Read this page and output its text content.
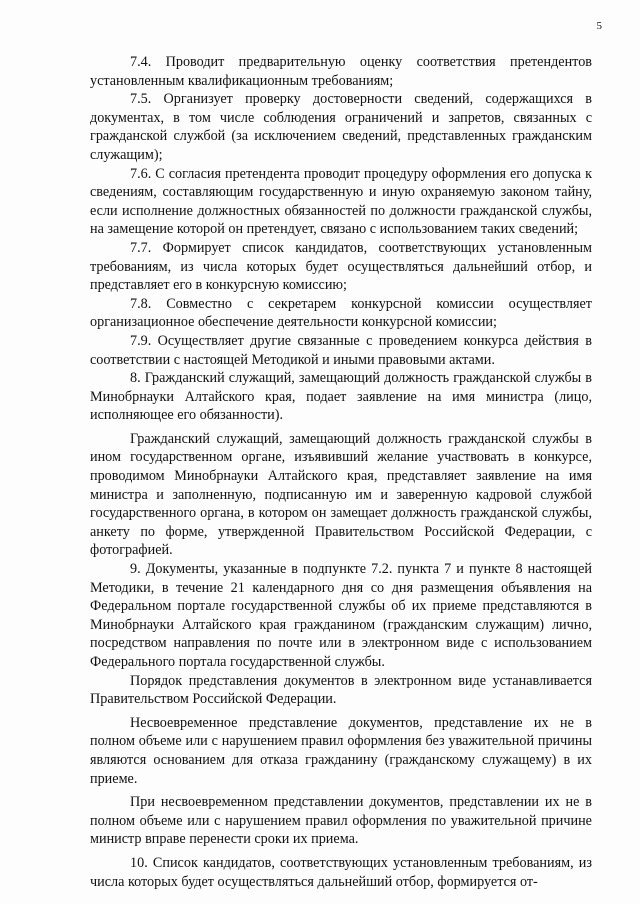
5

7.4. Проводит предварительную оценку соответствия претендентов установленным квалификационным требованиям;

7.5. Организует проверку достоверности сведений, содержащихся в документах, в том числе соблюдения ограничений и запретов, связанных с гражданской службой (за исключением сведений, представленных гражданским служащим);

7.6. С согласия претендента проводит процедуру оформления его допуска к сведениям, составляющим государственную и иную охраняемую законом тайну, если исполнение должностных обязанностей по должности гражданской службы, на замещение которой он претендует, связано с использованием таких сведений;

7.7. Формирует список кандидатов, соответствующих установленным требованиям, из числа которых будет осуществляться дальнейший отбор, и представляет его в конкурсную комиссию;

7.8. Совместно с секретарем конкурсной комиссии осуществляет организационное обеспечение деятельности конкурсной комиссии;

7.9. Осуществляет другие связанные с проведением конкурса действия в соответствии с настоящей Методикой и иными правовыми актами.

8. Гражданский служащий, замещающий должность гражданской службы в Минобрнауки Алтайского края, подает заявление на имя министра (лицо, исполняющее его обязанности).

Гражданский служащий, замещающий должность гражданской службы в ином государственном органе, изъявивший желание участвовать в конкурсе, проводимом Минобрнауки Алтайского края, представляет заявление на имя министра и заполненную, подписанную им и заверенную кадровой службой государственного органа, в котором он замещает должность гражданской службы, анкету по форме, утвержденной Правительством Российской Федерации, с фотографией.

9. Документы, указанные в подпункте 7.2. пункта 7 и пункте 8 настоящей Методики, в течение 21 календарного дня со дня размещения объявления на Федеральном портале государственной службы об их приеме представляются в Минобрнауки Алтайского края гражданином (гражданским служащим) лично, посредством направления по почте или в электронном виде с использованием Федерального портала государственной службы.

Порядок представления документов в электронном виде устанавливается Правительством Российской Федерации.

Несвоевременное представление документов, представление их не в полном объеме или с нарушением правил оформления без уважительной причины являются основанием для отказа гражданину (гражданскому служащему) в их приеме.

При несвоевременном представлении документов, представлении их не в полном объеме или с нарушением правил оформления по уважительной причине министр вправе перенести сроки их приема.

10. Список кандидатов, соответствующих установленным требованиям, из числа которых будет осуществляться дальнейший отбор, формируется от-
